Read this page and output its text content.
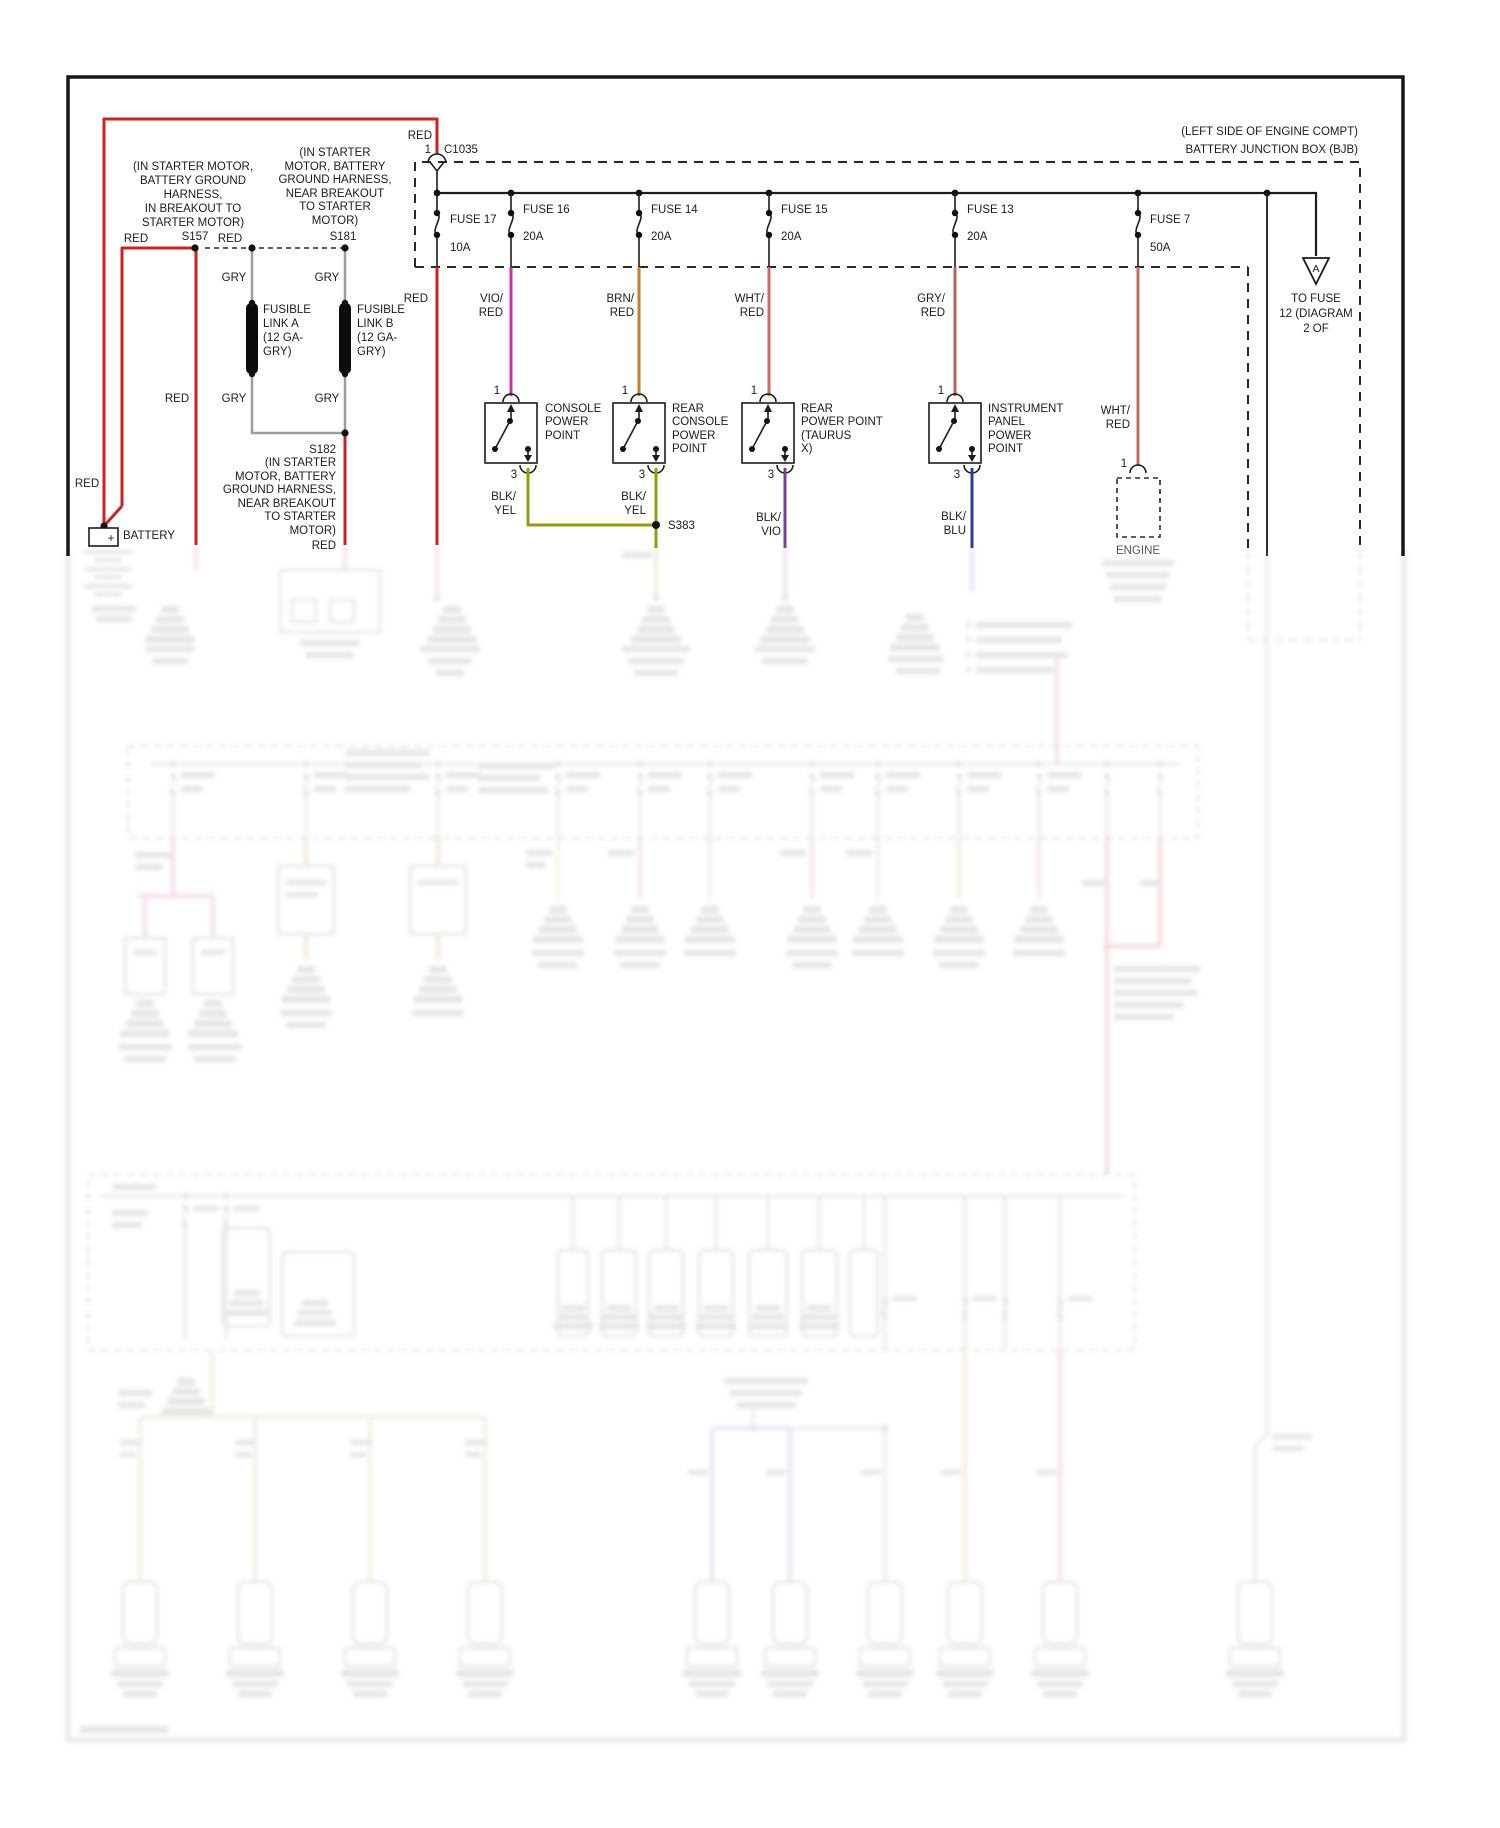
+ BATTERY
RED
(IN STARTER MOTOR,
BATTERY GROUND
HARNESS,
IN BREAKOUT TO
STARTER MOTOR)
RED	S157 RED
RED
(IN STARTER
MOTOR, BATTERY
GROUND HARNESS,
NEAR BREAKOUT
TO STARTER
MOTOR)
S181
GRY	GRY
GRY	GRY
FUSIBLE
LINK A
(12 GA-
GRY)
FUSIBLE
LINK B
(12 GA-
GRY)
S182
(IN STARTER
MOTOR, BATTERY
GROUND HARNESS,
NEAR BREAKOUT
TO STARTER
MOTOR)
RED
(LEFT SIDE OF ENGINE COMPT)
BATTERY JUNCTION BOX (BJB)
RED
1 C1035
A
TO FUSE
12 (DIAGRAM
2 OF
FUSE 17
10A
FUSE 16
20A
FUSE 14
20A
FUSE 15
20A
FUSE 13
20A
FUSE 7
50A
RED	VIO/
RED
BRN/
RED
WHT/
RED
GRY/
RED
WHT/
RED
1
CONSOLE
POWER
POINT
3
BLK/
YEL
1
REAR
CONSOLE
POWER
POINT
3
BLK/
YEL
S383
1
REAR
POWER POINT
(TAURUS
X)
3
BLK/
VIO
1
INSTRUMENT
PANEL
POWER
POINT
3
BLK/
BLU
1
ENGINE
